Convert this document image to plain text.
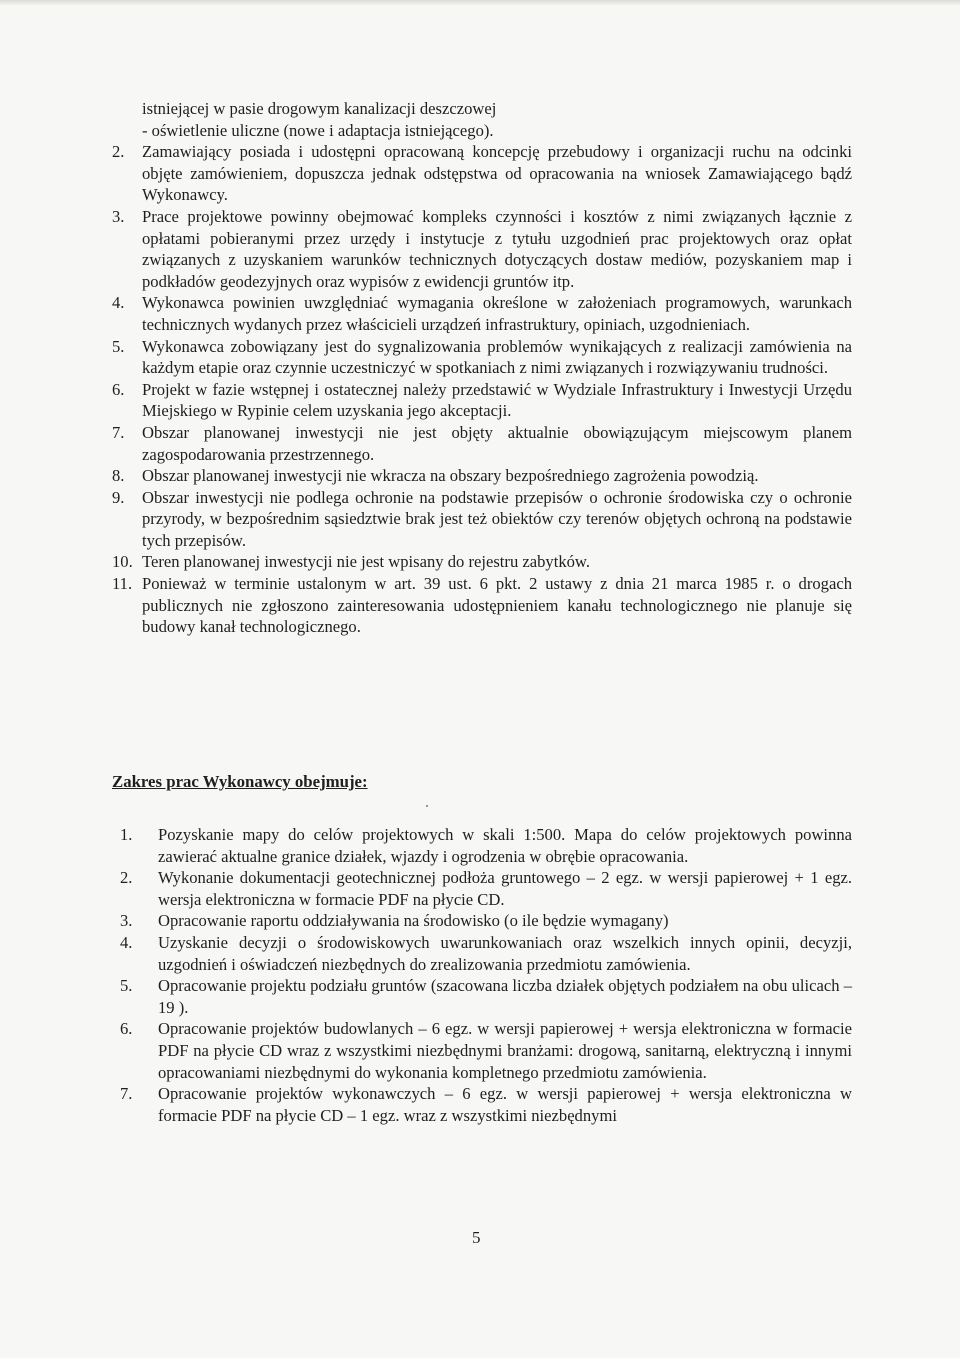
istniejącej w pasie drogowym kanalizacji deszczowej

- oświetlenie uliczne (nowe i adaptacja istniejącego).

2. Zamawiający posiada i udostępni opracowaną koncepcję przebudowy i organizacji ruchu na odcinki objęte zamówieniem, dopuszcza jednak odstępstwa od opracowania na wniosek Zamawiającego bądź Wykonawcy.
3. Prace projektowe powinny obejmować kompleks czynności i kosztów z nimi związanych łącznie z opłatami pobieranymi przez urzędy i instytucje z tytułu uzgodnień prac projektowych oraz opłat związanych z uzyskaniem warunków technicznych dotyczących dostaw mediów, pozyskaniem map i podkładów geodezyjnych oraz wypisów z ewidencji gruntów itp.
4. Wykonawca powinien uwzględniać wymagania określone w założeniach programowych, warunkach technicznych wydanych przez właścicieli urządzeń infrastruktury, opiniach, uzgodnieniach.
5. Wykonawca zobowiązany jest do sygnalizowania problemów wynikających z realizacji zamówienia na każdym etapie oraz czynnie uczestniczyć w spotkaniach z nimi związanych i rozwiązywaniu trudności.
6. Projekt w fazie wstępnej i ostatecznej należy przedstawić w Wydziale Infrastruktury i Inwestycji Urzędu Miejskiego w Rypinie celem uzyskania jego akceptacji.
7. Obszar planowanej inwestycji nie jest objęty aktualnie obowiązującym miejscowym planem zagospodarowania przestrzennego.
8. Obszar planowanej inwestycji nie wkracza na obszary bezpośredniego zagrożenia powodzią.
9. Obszar inwestycji nie podlega ochronie na podstawie przepisów o ochronie środowiska czy o ochronie przyrody, w bezpośrednim sąsiedztwie brak jest też obiektów czy terenów objętych ochroną na podstawie tych przepisów.
10. Teren planowanej inwestycji nie jest wpisany do rejestru zabytków.
11. Ponieważ w terminie ustalonym w art. 39 ust. 6 pkt. 2 ustawy z dnia 21 marca 1985 r. o drogach publicznych nie zgłoszono zainteresowania udostępnieniem kanału technologicznego nie planuje się budowy kanał technologicznego.
Zakres prac Wykonawcy obejmuje:
1. Pozyskanie mapy do celów projektowych w skali 1:500. Mapa do celów projektowych powinna zawierać aktualne granice działek, wjazdy i ogrodzenia w obrębie opracowania.
2. Wykonanie dokumentacji geotechnicznej podłoża gruntowego – 2 egz. w wersji papierowej + 1 egz. wersja elektroniczna w formacie PDF na płycie CD.
3. Opracowanie raportu oddziaływania na środowisko (o ile będzie wymagany)
4. Uzyskanie decyzji o środowiskowych uwarunkowaniach oraz wszelkich innych opinii, decyzji, uzgodnień i oświadczeń niezbędnych do zrealizowania przedmiotu zamówienia.
5. Opracowanie projektu podziału gruntów (szacowana liczba działek objętych podziałem na obu ulicach – 19 ).
6. Opracowanie projektów budowlanych – 6 egz. w wersji papierowej + wersja elektroniczna w formacie PDF na płycie CD wraz z wszystkimi niezbędnymi branżami: drogową, sanitarną, elektryczną i innymi opracowaniami niezbędnymi do wykonania kompletnego przedmiotu zamówienia.
7. Opracowanie projektów wykonawczych – 6 egz. w wersji papierowej + wersja elektroniczna w formacie PDF na płycie CD – 1 egz. wraz z wszystkimi niezbędnymi
5
